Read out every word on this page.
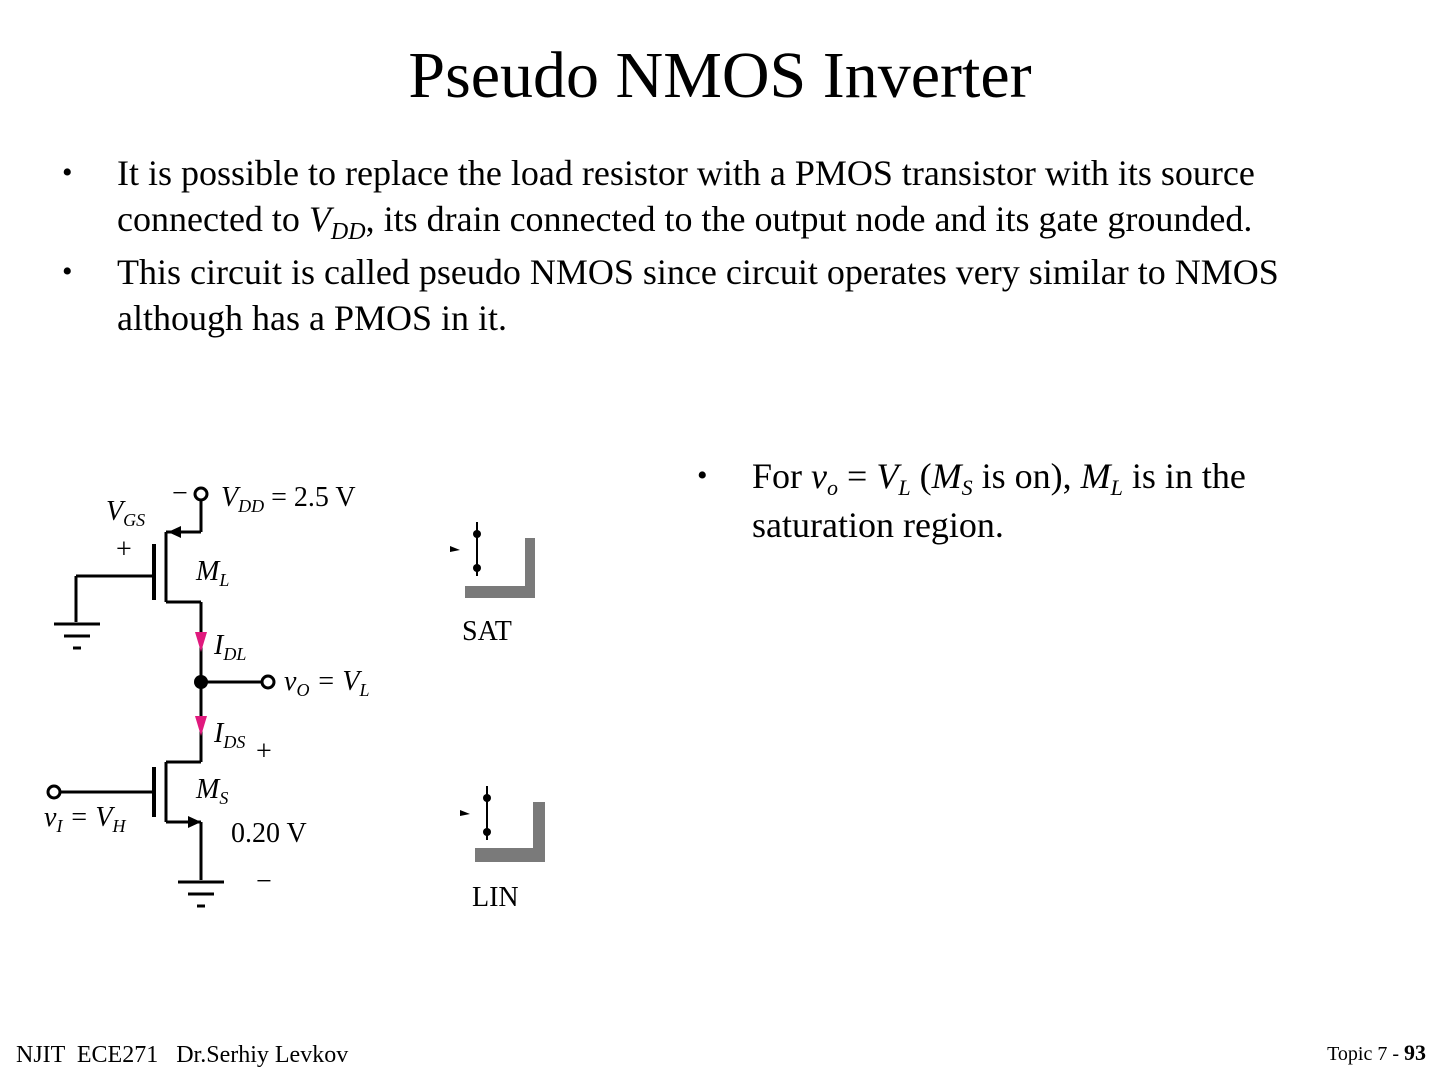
Pseudo NMOS Inverter
• It is possible to replace the load resistor with a PMOS transistor with its source connected to $V_{DD}$, its drain connected to the output node and its gate grounded.
• This circuit is called pseudo NMOS since circuit operates very similar to NMOS although has a PMOS in it.
• For vo = VL (MS is on), ML is in the saturation region.
$V_{GS}$
$V_{DD} = 2.5$ V
$M_L$
$I_{DL}$
$v_O = V_L$
$I_{DS}$
$M_S$
$v_I = V_H$	0.20 V
+
−
+
−
SAT
LIN
NJIT  ECE271   Dr.Serhiy Levkov	Topic 7 - 93
